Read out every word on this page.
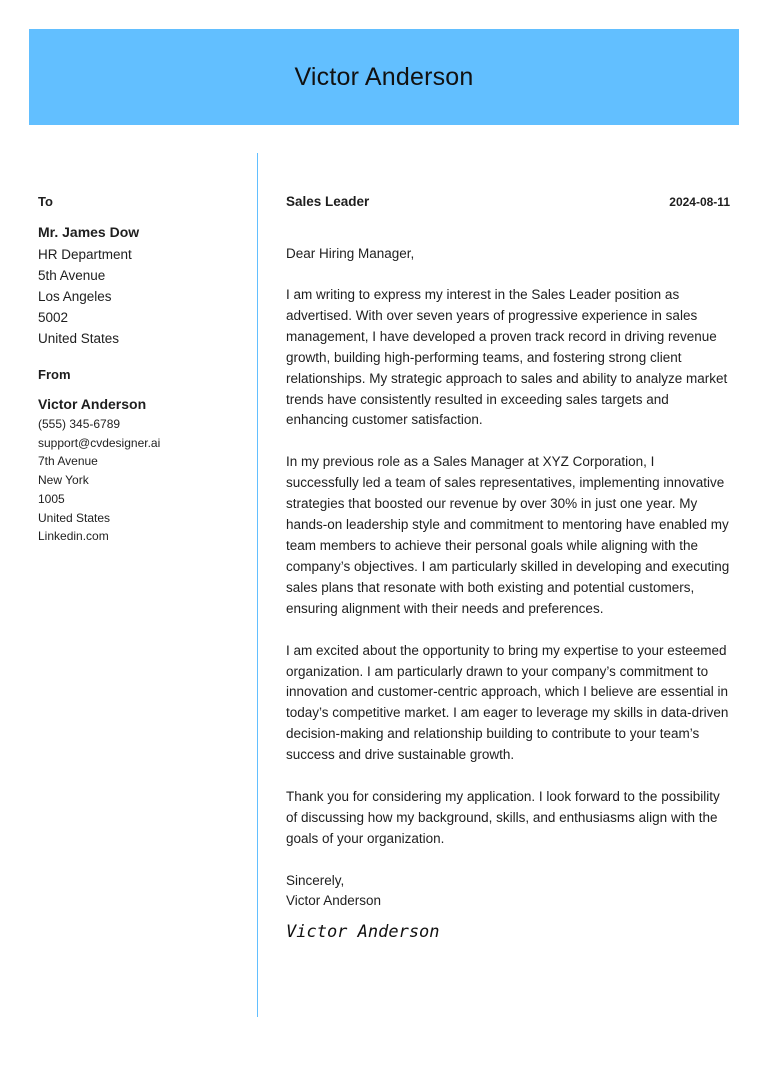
Victor Anderson
To
Mr. James Dow
HR Department
5th Avenue
Los Angeles
5002
United States
From
Victor Anderson
(555) 345-6789
support@cvdesigner.ai
7th Avenue
New York
1005
United States
Linkedin.com
Sales Leader	2024-08-11
Dear Hiring Manager,
I am writing to express my interest in the Sales Leader position as advertised. With over seven years of progressive experience in sales management, I have developed a proven track record in driving revenue growth, building high-performing teams, and fostering strong client relationships. My strategic approach to sales and ability to analyze market trends have consistently resulted in exceeding sales targets and enhancing customer satisfaction.
In my previous role as a Sales Manager at XYZ Corporation, I successfully led a team of sales representatives, implementing innovative strategies that boosted our revenue by over 30% in just one year. My hands-on leadership style and commitment to mentoring have enabled my team members to achieve their personal goals while aligning with the company’s objectives. I am particularly skilled in developing and executing sales plans that resonate with both existing and potential customers, ensuring alignment with their needs and preferences.
I am excited about the opportunity to bring my expertise to your esteemed organization. I am particularly drawn to your company’s commitment to innovation and customer-centric approach, which I believe are essential in today’s competitive market. I am eager to leverage my skills in data-driven decision-making and relationship building to contribute to your team’s success and drive sustainable growth.
Thank you for considering my application. I look forward to the possibility of discussing how my background, skills, and enthusiasms align with the goals of your organization.
Sincerely,
Victor Anderson
Victor Anderson
